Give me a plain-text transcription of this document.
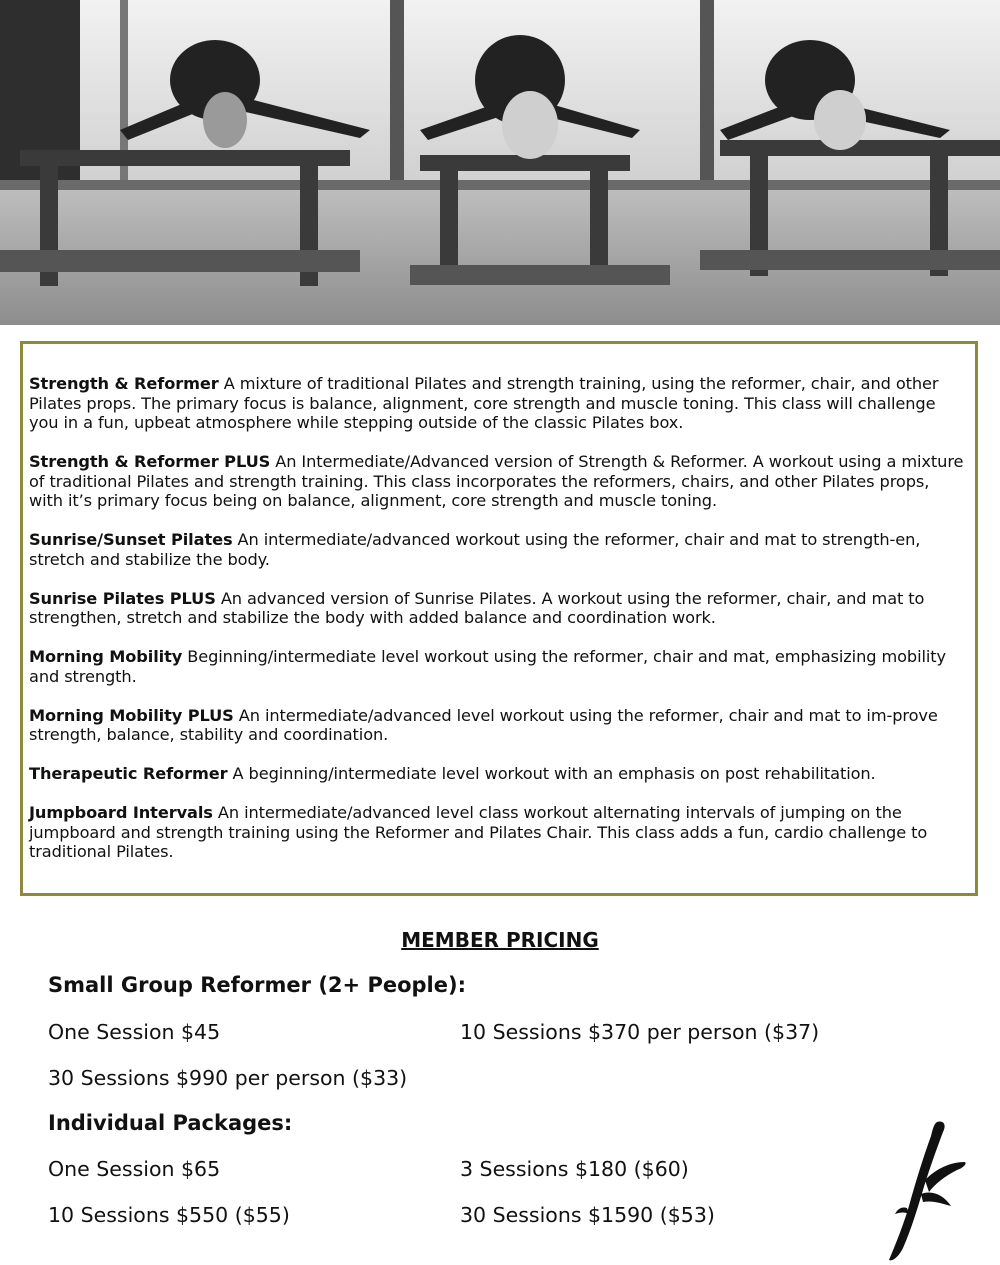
Strength & Reformer A mixture of traditional Pilates and strength training, using the reformer, chair, and other Pilates props. The primary focus is balance, alignment, core strength and muscle toning. This class will challenge you in a fun, upbeat atmosphere while stepping outside of the classic Pilates box.

Strength & Reformer PLUS An Intermediate/Advanced version of Strength & Reformer. A workout using a mixture of traditional Pilates and strength training. This class incorporates the reformers, chairs, and other Pilates props, with it’s primary focus being on balance, alignment, core strength and muscle toning.

Sunrise/Sunset Pilates An intermediate/advanced workout using the reformer, chair and mat to strength-en, stretch and stabilize the body.

Sunrise Pilates PLUS An advanced version of Sunrise Pilates. A workout using the reformer, chair, and mat to strengthen, stretch and stabilize the body with added balance and coordination work.

Morning Mobility Beginning/intermediate level workout using the reformer, chair and mat, emphasizing mobility and strength.

Morning Mobility PLUS An intermediate/advanced level workout using the reformer, chair and mat to im-prove strength, balance, stability and coordination.

Therapeutic Reformer A beginning/intermediate level workout with an emphasis on post rehabilitation.

Jumpboard Intervals An intermediate/advanced level class workout alternating intervals of jumping on the jumpboard and strength training using the Reformer and Pilates Chair. This class adds a fun, cardio challenge to traditional Pilates.

MEMBER PRICING
Small Group Reformer (2+ People):
One Session $45	10 Sessions $370 per person ($37)
30 Sessions $990 per person ($33)
Individual Packages:
One Session $65	3 Sessions $180 ($60)
10 Sessions $550 ($55)	30 Sessions $1590 ($53)
